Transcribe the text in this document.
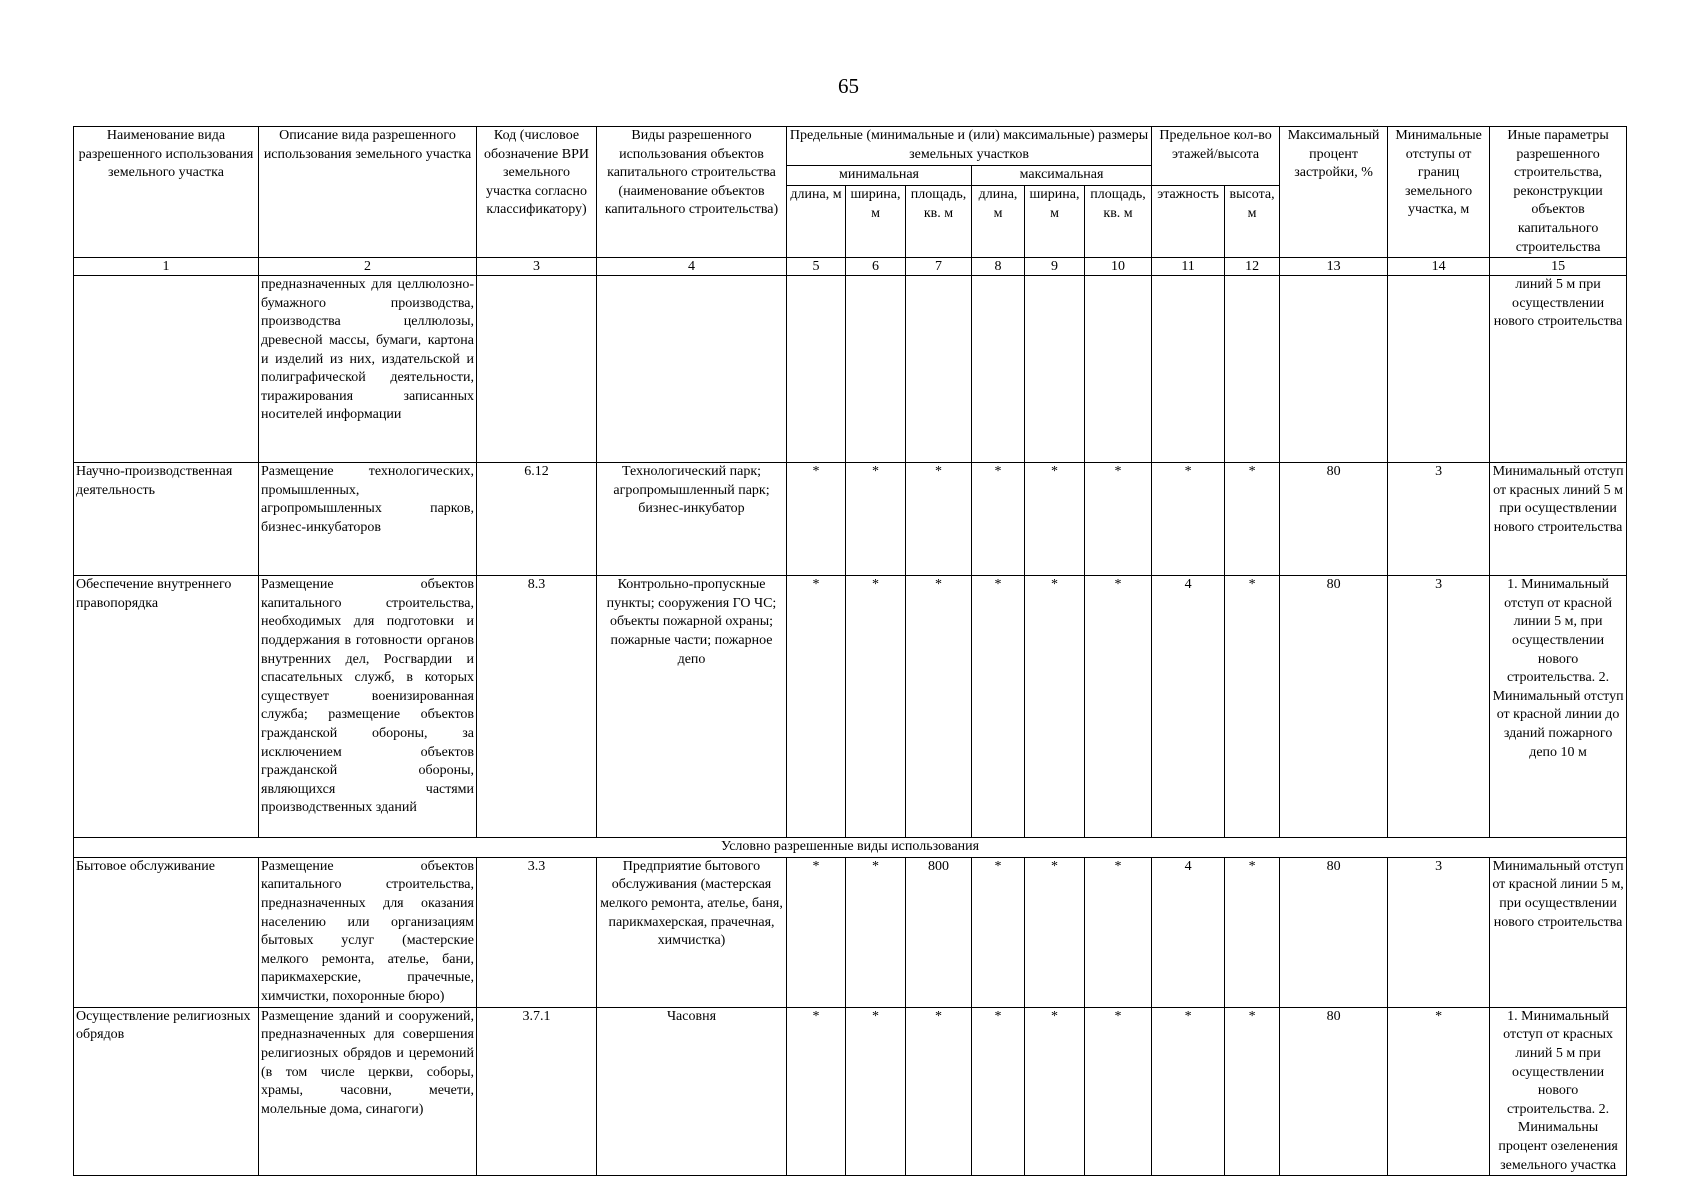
65
Наименование вида разрешенного использования земельного участка	Описание вида разрешенного использования земельного участка	Код (числовое обозначение ВРИ земельного участка согласно классификатору)	Виды разрешенного использования объектов капитального строительства (наименование объектов капитального строительства)	Предельные (минимальные и (или) максимальные) размеры земельных участков						Предельное кол-во этажей/высота		Максимальный процент застройки, %	Минимальные отступы от границ земельного участка, м	Иные параметры разрешенного строительства, реконструкции объектов капитального строительства
				минимальная			максимальная							
				длина, м	ширина, м	площадь, кв. м	длина, м	ширина, м	площадь, кв. м	этажность	высота, м			
1	2	3	4	5	6	7	8	9	10	11	12	13	14	15
	предназначенных для целлюлозно-бумажного производства, производства целлюлозы, древесной массы, бумаги, картона и изделий из них, издательской и полиграфической деятельности, тиражирования записанных носителей информации													линий 5 м при осуществлении нового строительства
Научно-производственная деятельность	Размещение технологических, промышленных, агропромышленных парков, бизнес-инкубаторов	6.12	Технологический парк; агропромышленный парк; бизнес-инкубатор	*	*	*	*	*	*	*	*	80	3	Минимальный отступ от красных линий 5 м при осуществлении нового строительства
Обеспечение внутреннего правопорядка	Размещение объектов капитального строительства, необходимых для подготовки и поддержания в готовности органов внутренних дел, Росгвардии и спасательных служб, в которых существует военизированная служба; размещение объектов гражданской обороны, за исключением объектов гражданской обороны, являющихся частями производственных зданий	8.3	Контрольно-пропускные пункты; сооружения ГО ЧС; объекты пожарной охраны; пожарные части; пожарное депо	*	*	*	*	*	*	4	*	80	3	1. Минимальный отступ от красной линии 5 м, при осуществлении нового строительства. 2. Минимальный отступ от красной линии до зданий пожарного депо 10 м
Условно разрешенные виды использования														
Бытовое обслуживание	Размещение объектов капитального строительства, предназначенных для оказания населению или организациям бытовых услуг (мастерские мелкого ремонта, ателье, бани, парикмахерские, прачечные, химчистки, похоронные бюро)	3.3	Предприятие бытового обслуживания (мастерская мелкого ремонта, ателье, баня, парикмахерская, прачечная, химчистка)	*	*	800	*	*	*	4	*	80	3	Минимальный отступ от красной линии 5 м, при осуществлении нового строительства
Осуществление религиозных обрядов	Размещение зданий и сооружений, предназначенных для совершения религиозных обрядов и церемоний (в том числе церкви, соборы, храмы, часовни, мечети, молельные дома, синагоги)	3.7.1	Часовня	*	*	*	*	*	*	*	*	80	*	1. Минимальный отступ от красных линий 5 м при осуществлении нового строительства. 2. Минимальны процент озеленения земельного участка
